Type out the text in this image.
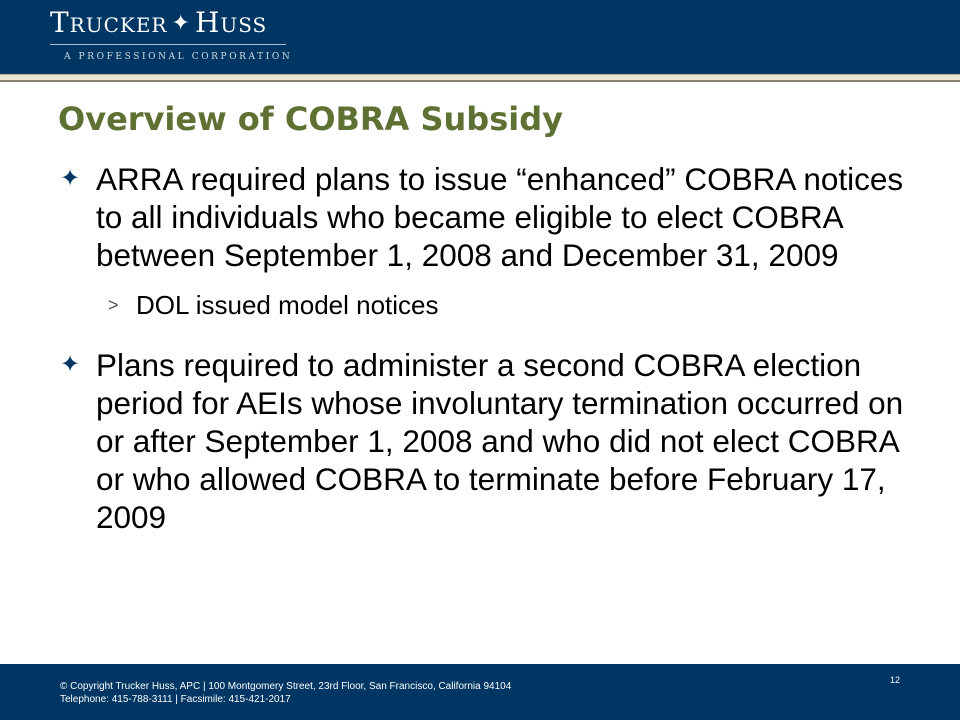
Trucker ✦ Huss
A PROFESSIONAL CORPORATION
Overview of COBRA Subsidy
✦ ARRA required plans to issue “enhanced” COBRA notices to all individuals who became eligible to elect COBRA between September 1, 2008 and December 31, 2009
> DOL issued model notices
✦ Plans required to administer a second COBRA election period for AEIs whose involuntary termination occurred on or after September 1, 2008 and who did not elect COBRA or who allowed COBRA to terminate before February 17, 2009
© Copyright Trucker Huss, APC | 100 Montgomery Street, 23rd Floor, San Francisco, California 94104
Telephone: 415-788-3111 | Facsimile: 415-421-2017
12
